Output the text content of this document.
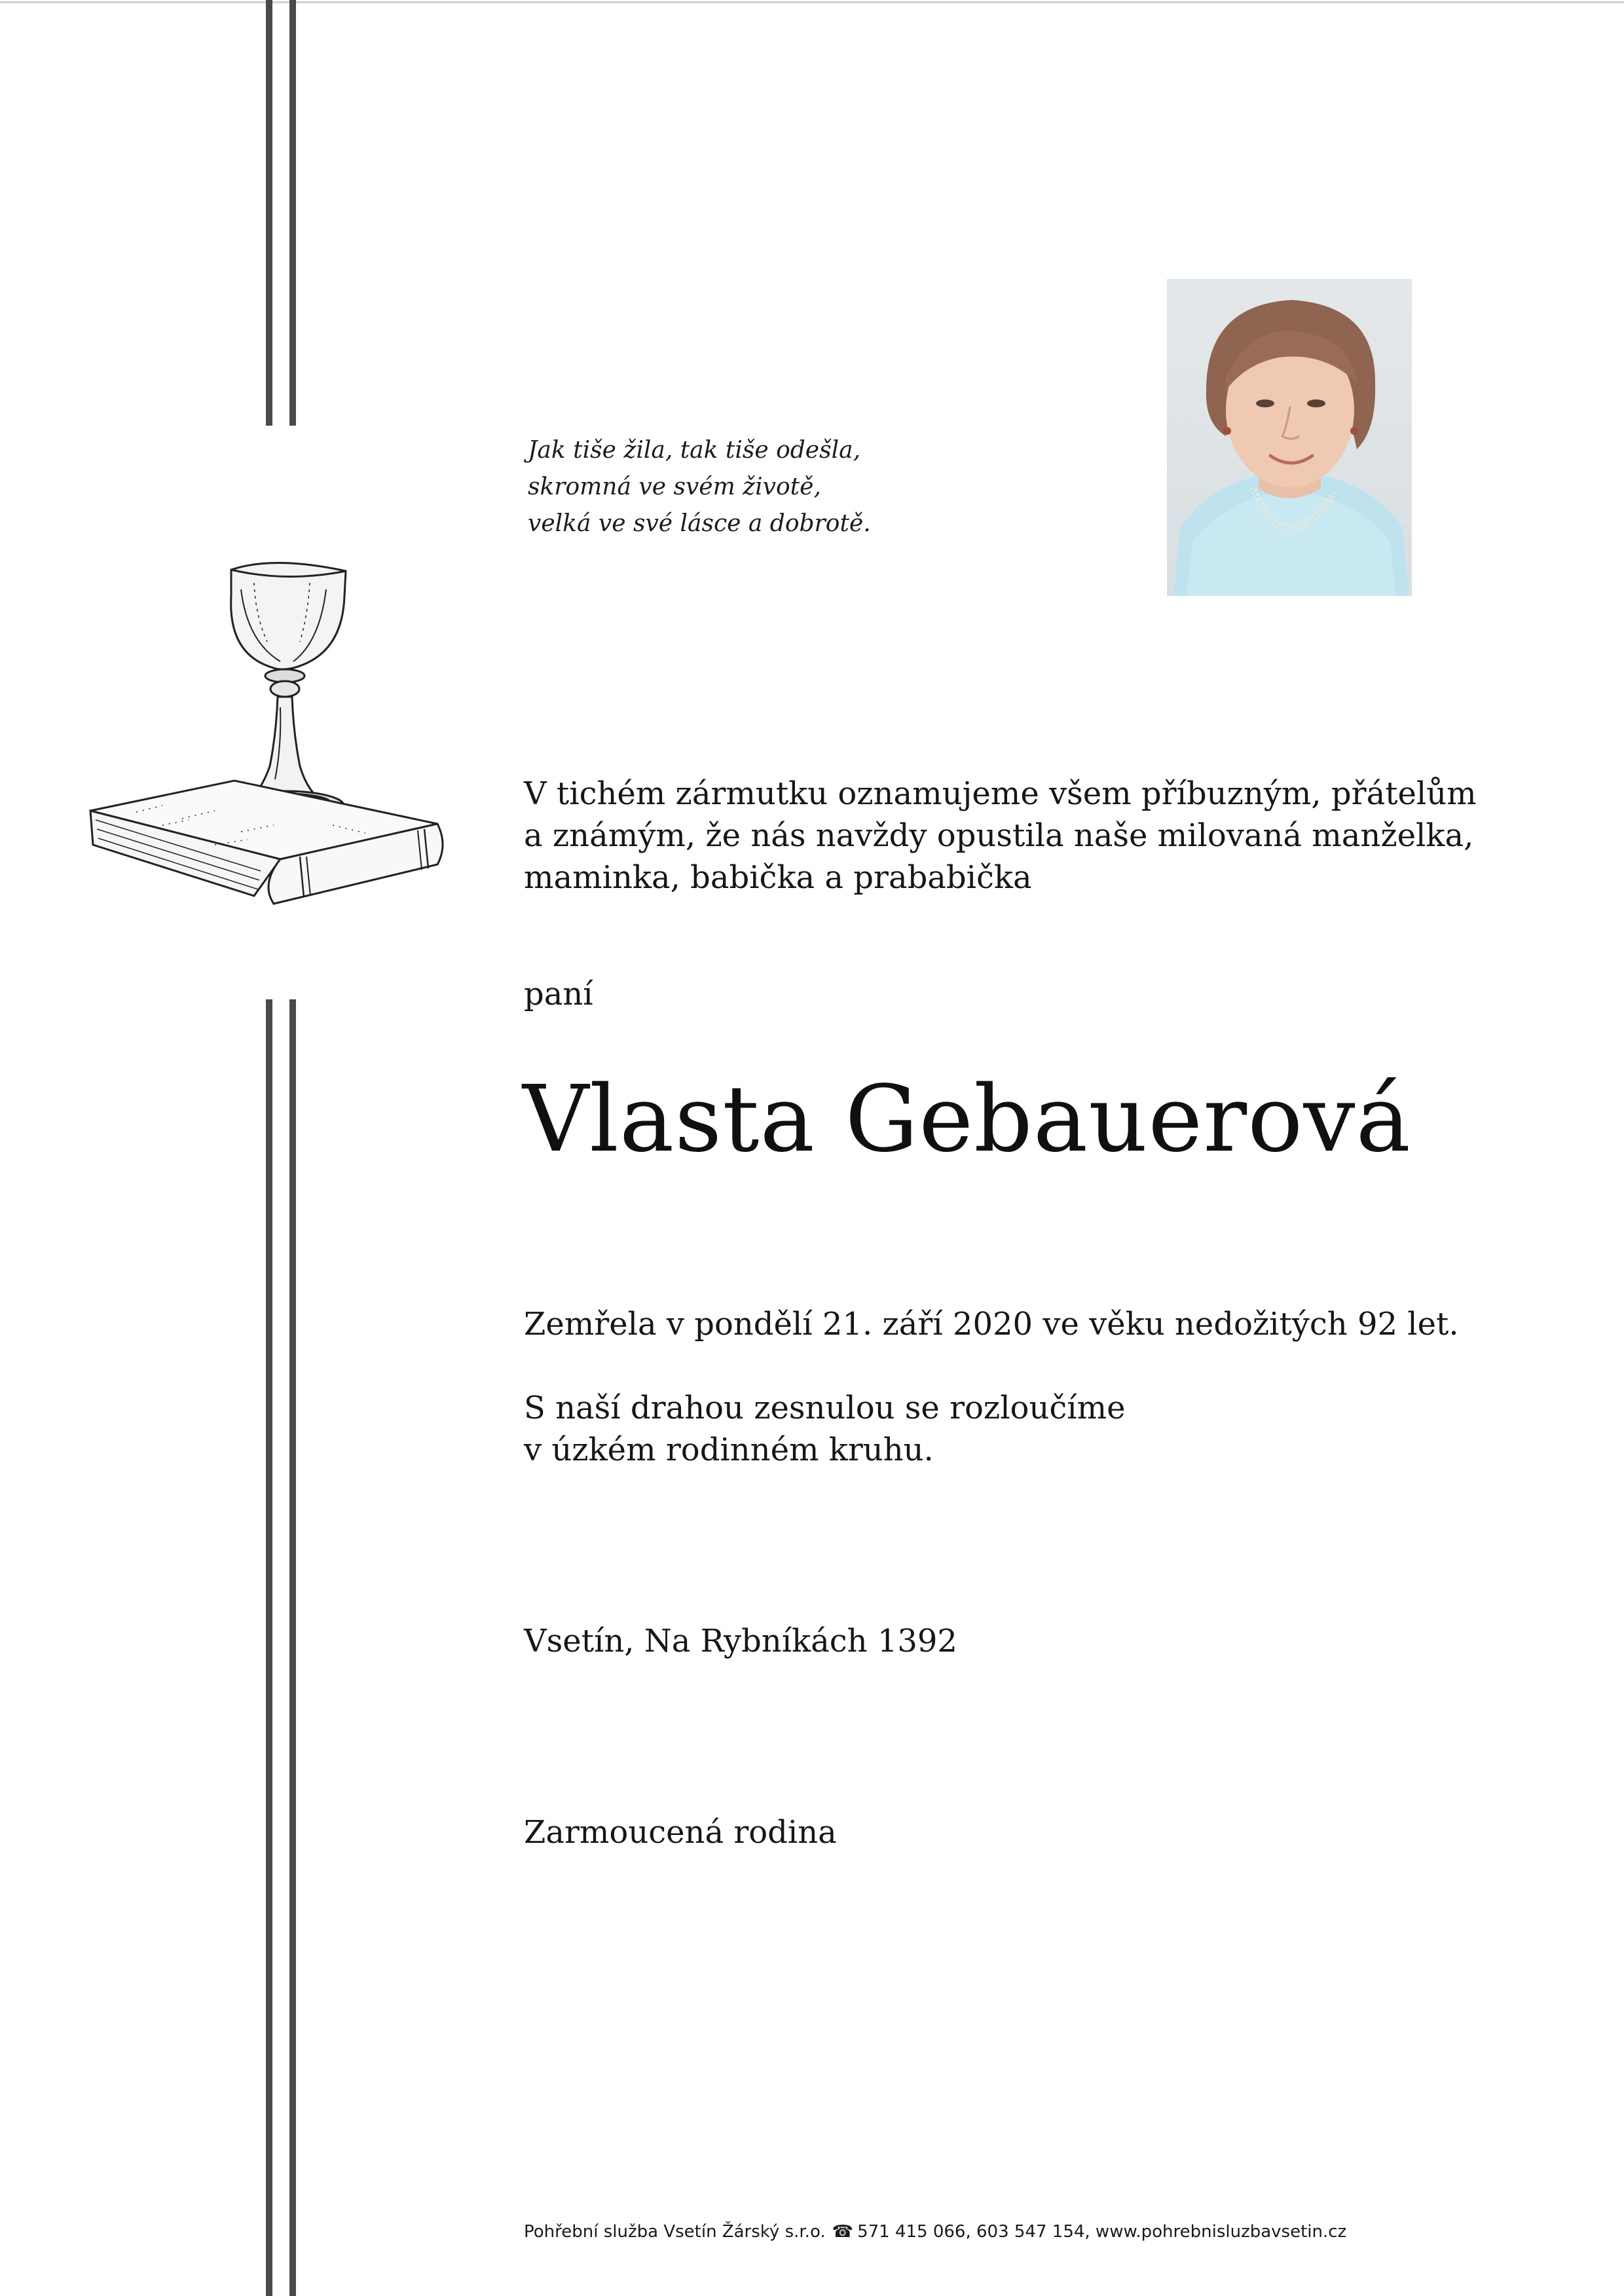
Jak tiše žila, tak tiše odešla,
skromná ve svém životě,
velká ve své lásce a dobrotě.
V tichém zármutku oznamujeme všem příbuzným, přátelům
a známým, že nás navždy opustila naše milovaná manželka,
maminka, babička a prababička
paní
Vlasta Gebauerová
Zemřela v pondělí 21. září 2020 ve věku nedožitých 92 let.
S naší drahou zesnulou se rozloučíme
v úzkém rodinném kruhu.
Vsetín, Na Rybníkách 1392
Zarmoucená rodina
Pohřební služba Vsetín Žárský s.r.o. ☎ 571 415 066, 603 547 154, www.pohrebnisluzbavsetin.cz
